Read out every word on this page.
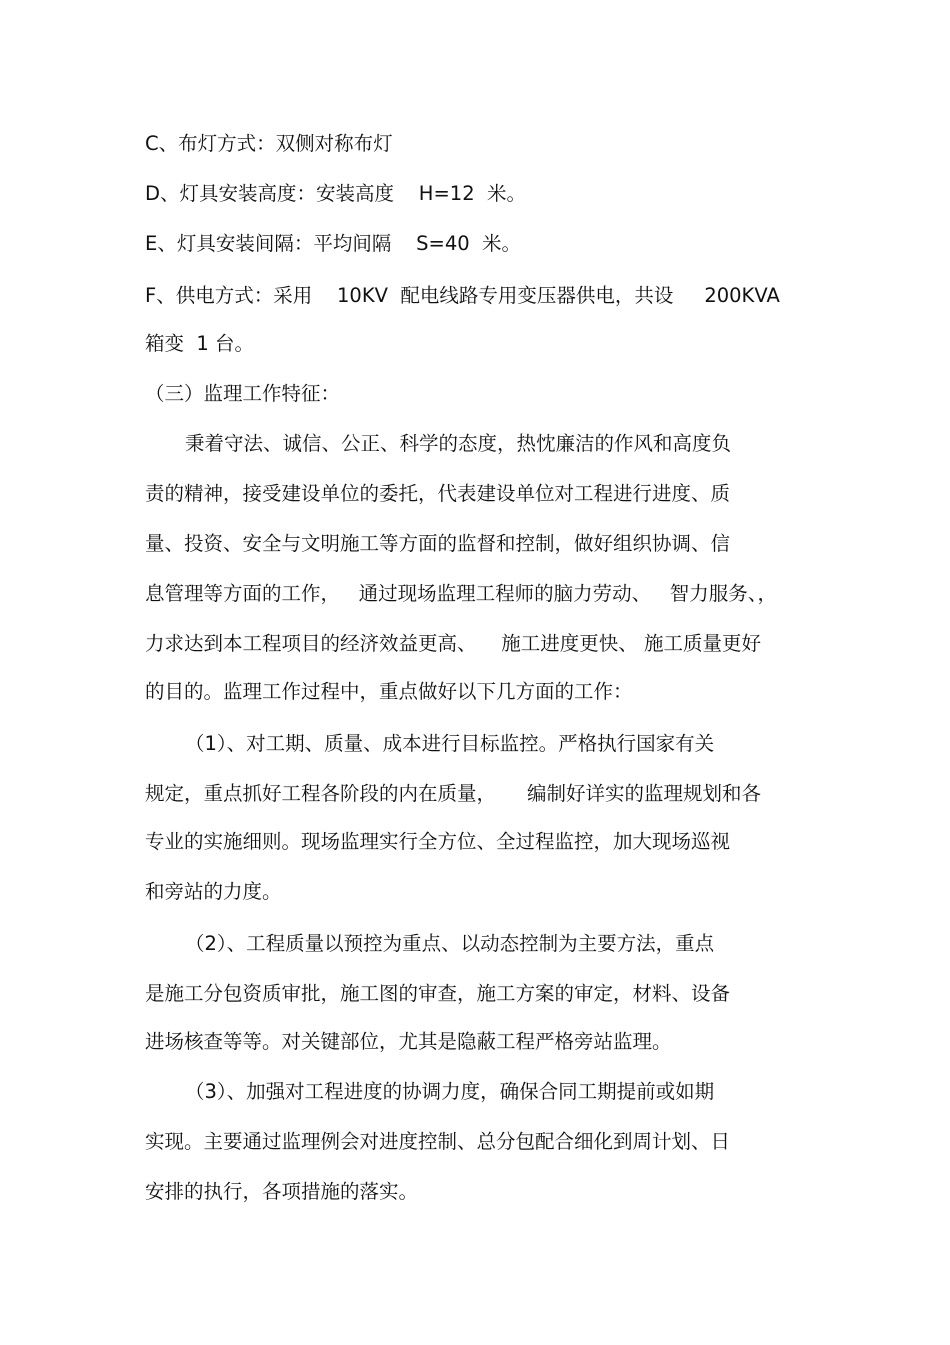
C、布灯方式：双侧对称布灯
D、灯具安装高度：安装高度    H=12  米。
E、灯具安装间隔：平均间隔    S=40  米。
F、供电方式：采用    10KV  配电线路专用变压器供电，共设     200KVA
箱变  1 台。
（三）监理工作特征：
秉着守法、诚信、公正、科学的态度，热忱廉洁的作风和高度负
责的精神，接受建设单位的委托，代表建设单位对工程进行进度、质
量、投资、安全与文明施工等方面的监督和控制，做好组织协调、信
息管理等方面的工作，   通过现场监理工程师的脑力劳动、   智力服务、，
力求达到本工程项目的经济效益更高、    施工进度更快、 施工质量更好
的目的。监理工作过程中，重点做好以下几方面的工作：
（1）、对工期、质量、成本进行目标监控。严格执行国家有关
规定，重点抓好工程各阶段的内在质量，     编制好详实的监理规划和各
专业的实施细则。现场监理实行全方位、全过程监控，加大现场巡视
和旁站的力度。
（2）、工程质量以预控为重点、以动态控制为主要方法，重点
是施工分包资质审批，施工图的审查，施工方案的审定，材料、设备
进场核查等等。对关键部位，尤其是隐蔽工程严格旁站监理。
（3）、加强对工程进度的协调力度，确保合同工期提前或如期
实现。主要通过监理例会对进度控制、总分包配合细化到周计划、日
安排的执行，各项措施的落实。
